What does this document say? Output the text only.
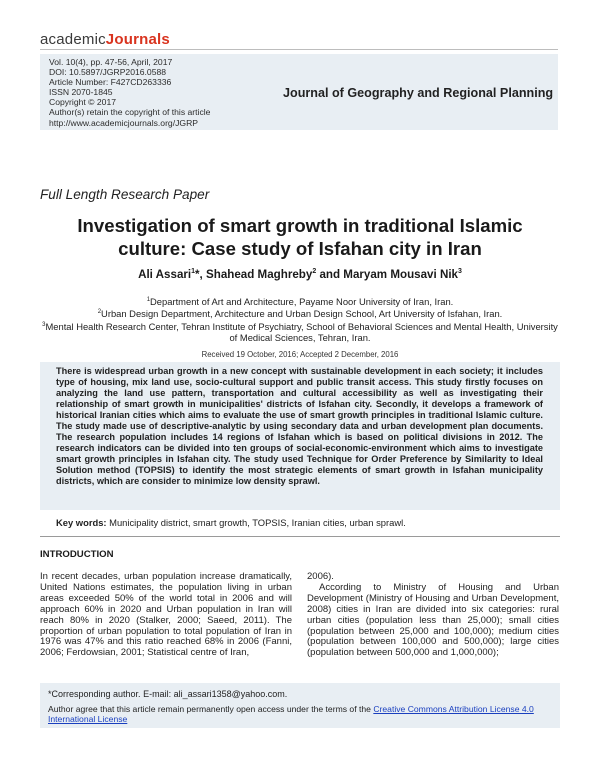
academicJournals
Vol. 10(4), pp. 47-56, April, 2017
DOI: 10.5897/JGRP2016.0588
Article Number: F427CD263336
ISSN 2070-1845
Copyright © 2017
Author(s) retain the copyright of this article
http://www.academicjournals.org/JGRP
Journal of Geography and Regional Planning
Full Length Research Paper
Investigation of smart growth in traditional Islamic
culture: Case study of Isfahan city in Iran
Ali Assari$^1$*, Shahead Maghreby$^2$ and Maryam Mousavi Nik$^3$
$^1$Department of Art and Architecture, Payame Noor University of Iran, Iran.
$^2$Urban Design Department, Architecture and Urban Design School, Art University of Isfahan, Iran.
$^3$Mental Health Research Center, Tehran Institute of Psychiatry, School of Behavioral Sciences and Mental Health, University of Medical Sciences, Tehran, Iran.
Received 19 October, 2016; Accepted 2 December, 2016
There is widespread urban growth in a new concept with sustainable development in each society; it includes type of housing, mix land use, socio-cultural support and public transit access. This study firstly focuses on analyzing the land use pattern, transportation and cultural accessibility as well as investigating their relationship of smart growth in municipalities' districts of Isfahan city. Secondly, it develops a framework of historical Iranian cities which aims to evaluate the use of smart growth principles in traditional Islamic culture. The study made use of descriptive-analytic by using secondary data and urban development plan documents. The research population includes 14 regions of Isfahan which is based on political divisions in 2012. The research indicators can be divided into ten groups of social-economic-environment which aims to investigate smart growth principles in Isfahan city. The study used Technique for Order Preference by Similarity to Ideal Solution method (TOPSIS) to identify the most strategic elements of smart growth in Isfahan municipality districts, which are consider to minimize low density sprawl.
Key words: Municipality district, smart growth, TOPSIS, Iranian cities, urban sprawl.
INTRODUCTION

In recent decades, urban population increase dramatically, United Nations estimates, the population living in urban areas exceeded 50% of the world total in 2006 and will approach 60% in 2020 and Urban population in Iran will reach 80% in 2020 (Stalker, 2000; Saeed, 2011). The proportion of urban population to total population of Iran in 1976 was 47% and this ratio reached 68% in 2006 (Fanni, 2006; Ferdowsian, 2001; Statistical centre of Iran,

2006).

According to Ministry of Housing and Urban Development (Ministry of Housing and Urban Development, 2008) cities in Iran are divided into six categories: rural urban cities (population less than 25,000); small cities (population between 25,000 and 100,000); medium cities (population between 100,000 and 500,000); large cities (population between 500,000 and 1,000,000);

*Corresponding author. E-mail: ali_assari1358@yahoo.com.
Author agree that this article remain permanently open access under the terms of the Creative Commons Attribution License 4.0 International License
